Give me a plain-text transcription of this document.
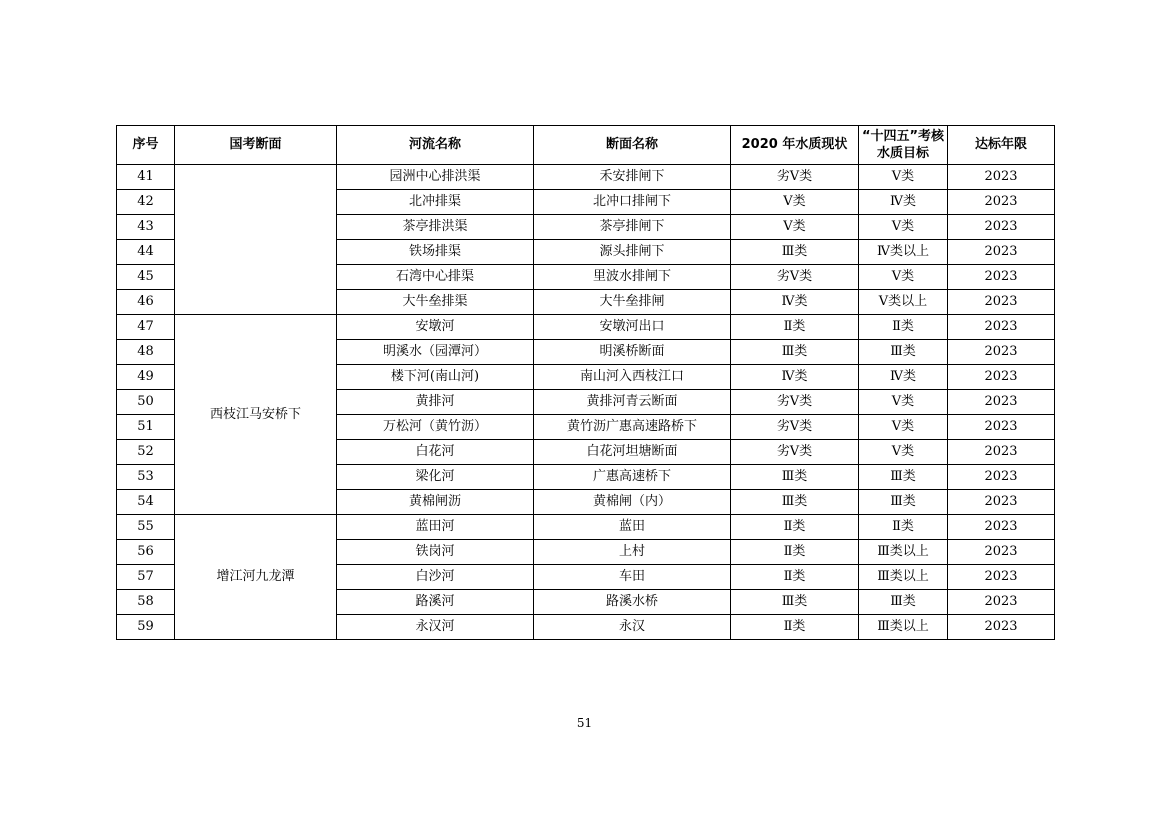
序号	国考断面	河流名称	断面名称	2020 年水质现状	“十四五”考核水质目标	达标年限
41		园洲中心排洪渠	禾安排闸下	劣Ⅴ类	Ⅴ类	2023
42		北冲排渠	北冲口排闸下	Ⅴ类	Ⅳ类	2023
43		茶亭排洪渠	茶亭排闸下	Ⅴ类	Ⅴ类	2023
44		铁场排渠	源头排闸下	Ⅲ类	Ⅳ类以上	2023
45		石湾中心排渠	里波水排闸下	劣Ⅴ类	Ⅴ类	2023
46		大牛垒排渠	大牛垒排闸	Ⅳ类	Ⅴ类以上	2023
47	西枝江马安桥下	安墩河	安墩河出口	Ⅱ类	Ⅱ类	2023
48		明溪水（园潭河）	明溪桥断面	Ⅲ类	Ⅲ类	2023
49		楼下河(南山河)	南山河入西枝江口	Ⅳ类	Ⅳ类	2023
50		黄排河	黄排河青云断面	劣Ⅴ类	Ⅴ类	2023
51		万松河（黄竹沥）	黄竹沥广惠高速路桥下	劣Ⅴ类	Ⅴ类	2023
52		白花河	白花河坦塘断面	劣Ⅴ类	Ⅴ类	2023
53		梁化河	广惠高速桥下	Ⅲ类	Ⅲ类	2023
54		黄棉闸沥	黄棉闸（内）	Ⅲ类	Ⅲ类	2023
55	增江河九龙潭	蓝田河	蓝田	Ⅱ类	Ⅱ类	2023
56		铁岗河	上村	Ⅱ类	Ⅲ类以上	2023
57		白沙河	车田	Ⅱ类	Ⅲ类以上	2023
58		路溪河	路溪水桥	Ⅲ类	Ⅲ类	2023
59		永汉河	永汉	Ⅱ类	Ⅲ类以上	2023
51
